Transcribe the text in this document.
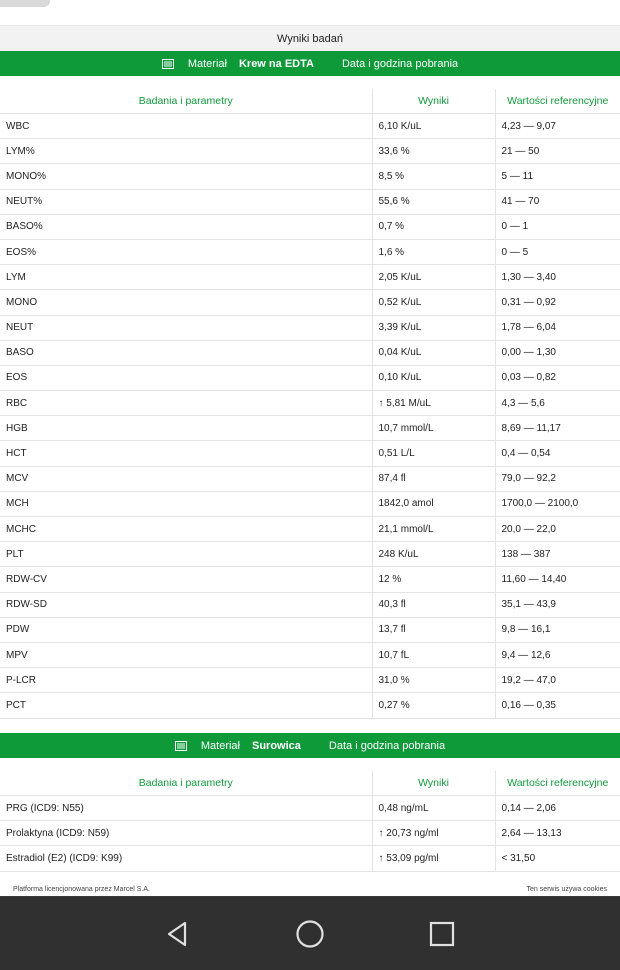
Wyniki badań
Materiał Krew na EDTA	Data i godzina pobrania
Badania i parametry	Wyniki	Wartości referencyjne
WBC	6,10 K/uL	4,23 — 9,07
LYM%	33,6 %	21 — 50
MONO%	8,5 %	5 — 11
NEUT%	55,6 %	41 — 70
BASO%	0,7 %	0 — 1
EOS%	1,6 %	0 — 5
LYM	2,05 K/uL	1,30 — 3,40
MONO	0,52 K/uL	0,31 — 0,92
NEUT	3,39 K/uL	1,78 — 6,04
BASO	0,04 K/uL	0,00 — 1,30
EOS	0,10 K/uL	0,03 — 0,82
RBC	↑ 5,81 M/uL	4,3 — 5,6
HGB	10,7 mmol/L	8,69 — 11,17
HCT	0,51 L/L	0,4 — 0,54
MCV	87,4 fl	79,0 — 92,2
MCH	1842,0 amol	1700,0 — 2100,0
MCHC	21,1 mmol/L	20,0 — 22,0
PLT	248 K/uL	138 — 387
RDW-CV	12 %	11,60 — 14,40
RDW-SD	40,3 fl	35,1 — 43,9
PDW	13,7 fl	9,8 — 16,1
MPV	10,7 fL	9,4 — 12,6
P-LCR	31,0 %	19,2 — 47,0
PCT	0,27 %	0,16 — 0,35
Materiał Surowica	Data i godzina pobrania
Badania i parametry	Wyniki	Wartości referencyjne
PRG (ICD9: N55)	0,48 ng/mL	0,14 — 2,06
Prolaktyna (ICD9: N59)	↑ 20,73 ng/ml	2,64 — 13,13
Estradiol (E2) (ICD9: K99)	↑ 53,09 pg/ml	< 31,50
Platforma licencjonowana przez Marcel S.A.	Ten serwis używa cookies
